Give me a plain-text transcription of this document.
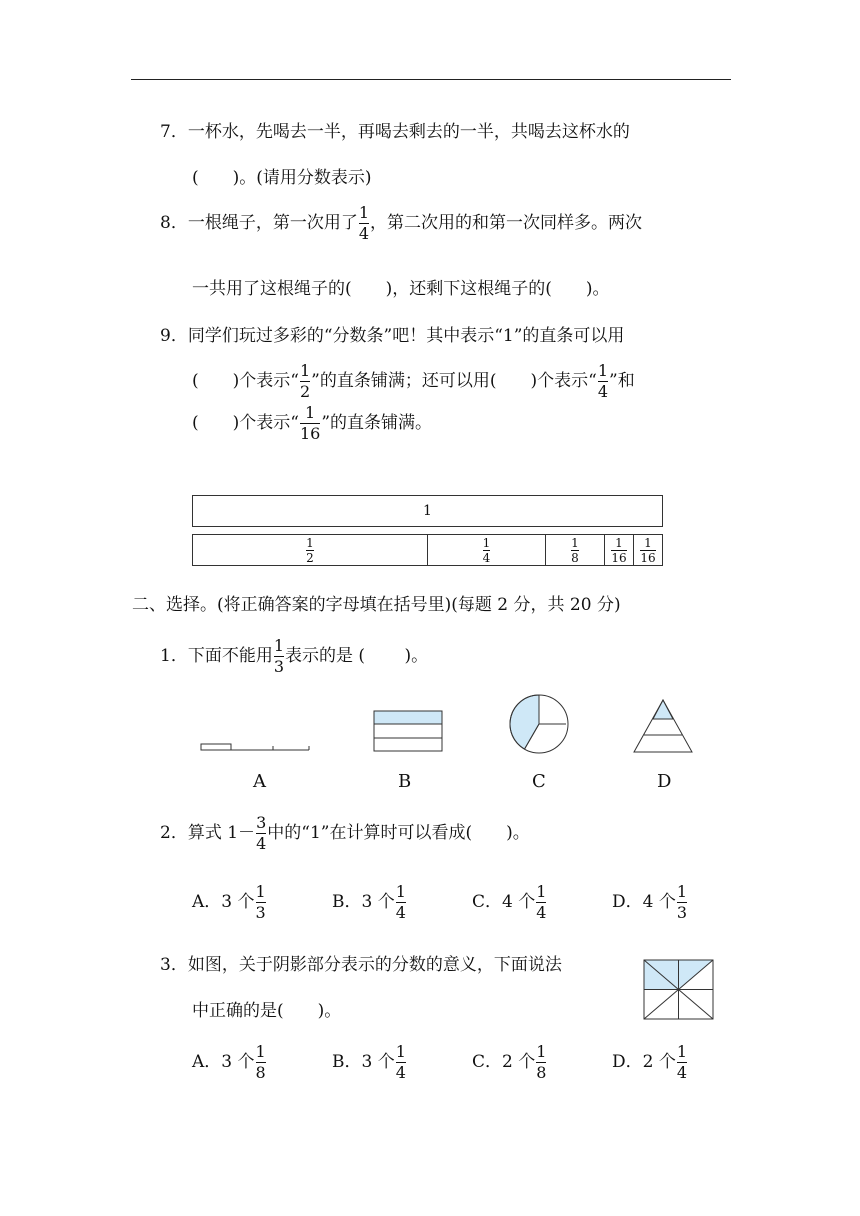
7．一杯水，先喝去一半，再喝去剩去的一半，共喝去这杯水的
(　　)。(请用分数表示)
8．一根绳子，第一次用了 $\frac{1}{4}$ ，第二次用的和第一次同样多。两次
一共用了这根绳子的(　　)，还剩下这根绳子的(　　)。
9．同学们玩过多彩的“分数条”吧！其中表示“1”的直条可以用
(　　)个表示“ $\frac{1}{2}$ ”的直条铺满；还可以用(　　)个表示“ $\frac{1}{4}$ ”和
(　　)个表示“ $\frac{1}{16}$ ”的直条铺满。
1
1
2
1
4
1
8
1
16
1
16
二、选择。(将正确答案的字母填在括号里)(每题 2 分，共 20 分)
1．下面不能用 $\frac{1}{3}$ 表示的是 (　　 )。
A	B	C	D
2．算式 $1- \frac{3}{4}$ 中的“1”在计算时可以看成(　　)。
A．3 个 $\frac{1}{3}$	B．3 个 $\frac{1}{4}$	C．4 个 $\frac{1}{4}$	D．4 个 $\frac{1}{3}$
3．如图，关于阴影部分表示的分数的意义，下面说法
中正确的是(　　)。
A．3 个 $\frac{1}{8}$	B．3 个 $\frac{1}{4}$	C．2 个 $\frac{1}{8}$	D．2 个 $\frac{1}{4}$
